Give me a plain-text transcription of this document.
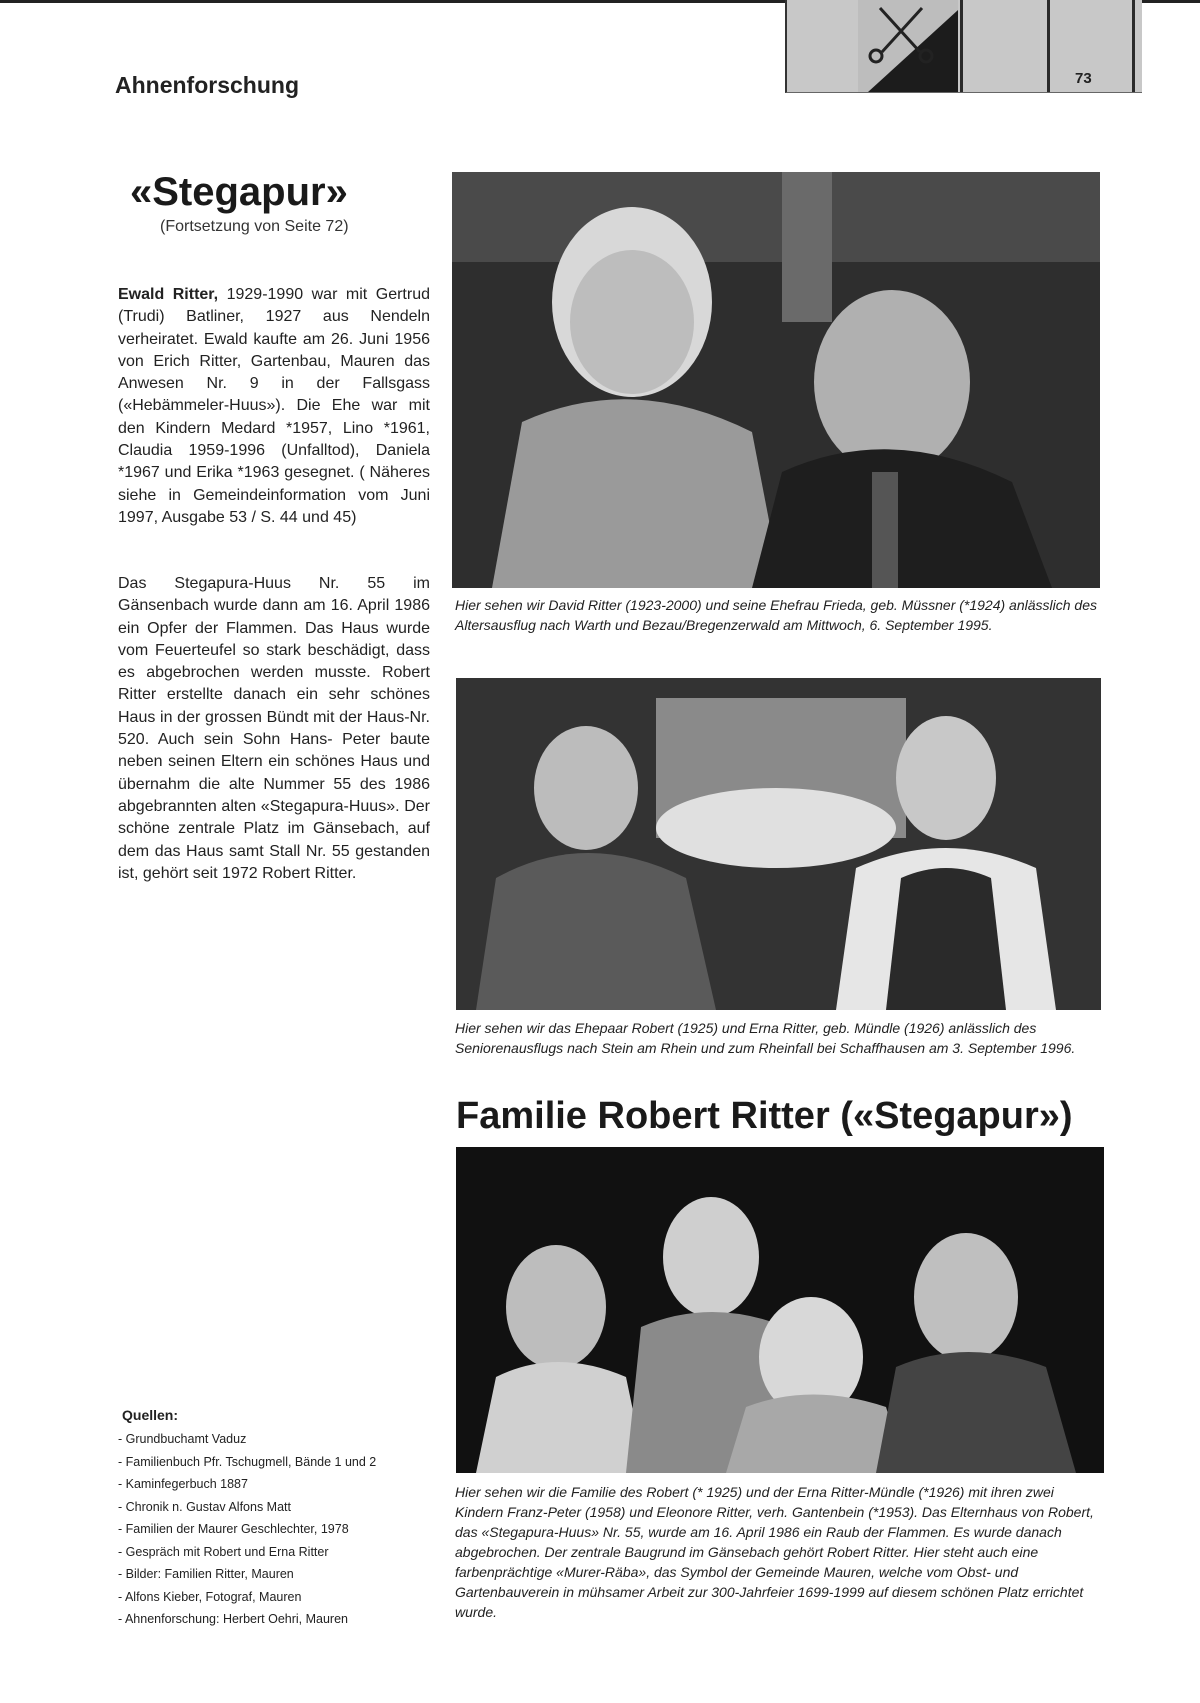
Ahnenforschung	73
«Stegapur»
(Fortsetzung von Seite 72)

Ewald Ritter, 1929-1990 war mit Gertrud (Trudi) Batliner, 1927 aus Nendeln verheiratet. Ewald kaufte am 26. Juni 1956 von Erich Ritter, Gartenbau, Mauren das Anwesen Nr. 9 in der Fallsgass («Hebämmeler-Huus»). Die Ehe war mit den Kindern Medard *1957, Lino *1961, Claudia 1959-1996 (Unfalltod), Daniela *1967 und Erika *1963 gesegnet. ( Näheres siehe in Gemeindeinformation vom Juni 1997, Ausgabe 53 / S. 44 und 45)

Das Stegapura-Huus Nr. 55 im Gänsenbach wurde dann am 16. April 1986 ein Opfer der Flammen. Das Haus wurde vom Feuerteufel so stark beschädigt, dass es abgebrochen werden musste. Robert Ritter erstellte danach ein sehr schönes Haus in der grossen Bündt mit der Haus-Nr. 520. Auch sein Sohn Hans- Peter baute neben seinen Eltern ein schönes Haus und übernahm die alte Nummer 55 des 1986 abgebrannten alten «Stegapura-Huus». Der schöne zentrale Platz im Gänsebach, auf dem das Haus samt Stall Nr. 55 gestanden ist, gehört seit 1972 Robert Ritter.

Hier sehen wir David Ritter (1923-2000) und seine Ehefrau Frieda, geb. Müssner (*1924) anlässlich des Altersausflug nach Warth und Bezau/Bregenzerwald am Mittwoch, 6. September 1995.

Hier sehen wir das Ehepaar Robert (1925) und Erna Ritter, geb. Mündle (1926) anlässlich des Seniorenausflugs nach Stein am Rhein und zum Rheinfall bei Schaffhausen am 3. September 1996.

Familie Robert Ritter («Stegapur»)

Hier sehen wir die Familie des Robert (* 1925) und der Erna Ritter-Mündle (*1926) mit ihren zwei Kindern Franz-Peter (1958) und Eleonore Ritter, verh. Gantenbein (*1953). Das Elternhaus von Robert, das «Stegapura-Huus» Nr. 55, wurde am 16. April 1986 ein Raub der Flammen. Es wurde danach abgebrochen. Der zentrale Baugrund im Gänsebach gehört Robert Ritter. Hier steht auch eine farbenprächtige «Murer-Räba», das Symbol der Gemeinde Mauren, welche vom Obst- und Gartenbauverein in mühsamer Arbeit zur 300-Jahrfeier 1699-1999 auf diesem schönen Platz errichtet wurde.

Quellen:
- Grundbuchamt Vaduz
- Familienbuch Pfr. Tschugmell, Bände 1 und 2
- Kaminfegerbuch 1887
- Chronik n. Gustav Alfons Matt
- Familien der Maurer Geschlechter, 1978
- Gespräch mit Robert und Erna Ritter
- Bilder: Familien Ritter, Mauren
- Alfons Kieber, Fotograf, Mauren
- Ahnenforschung: Herbert Oehri, Mauren
